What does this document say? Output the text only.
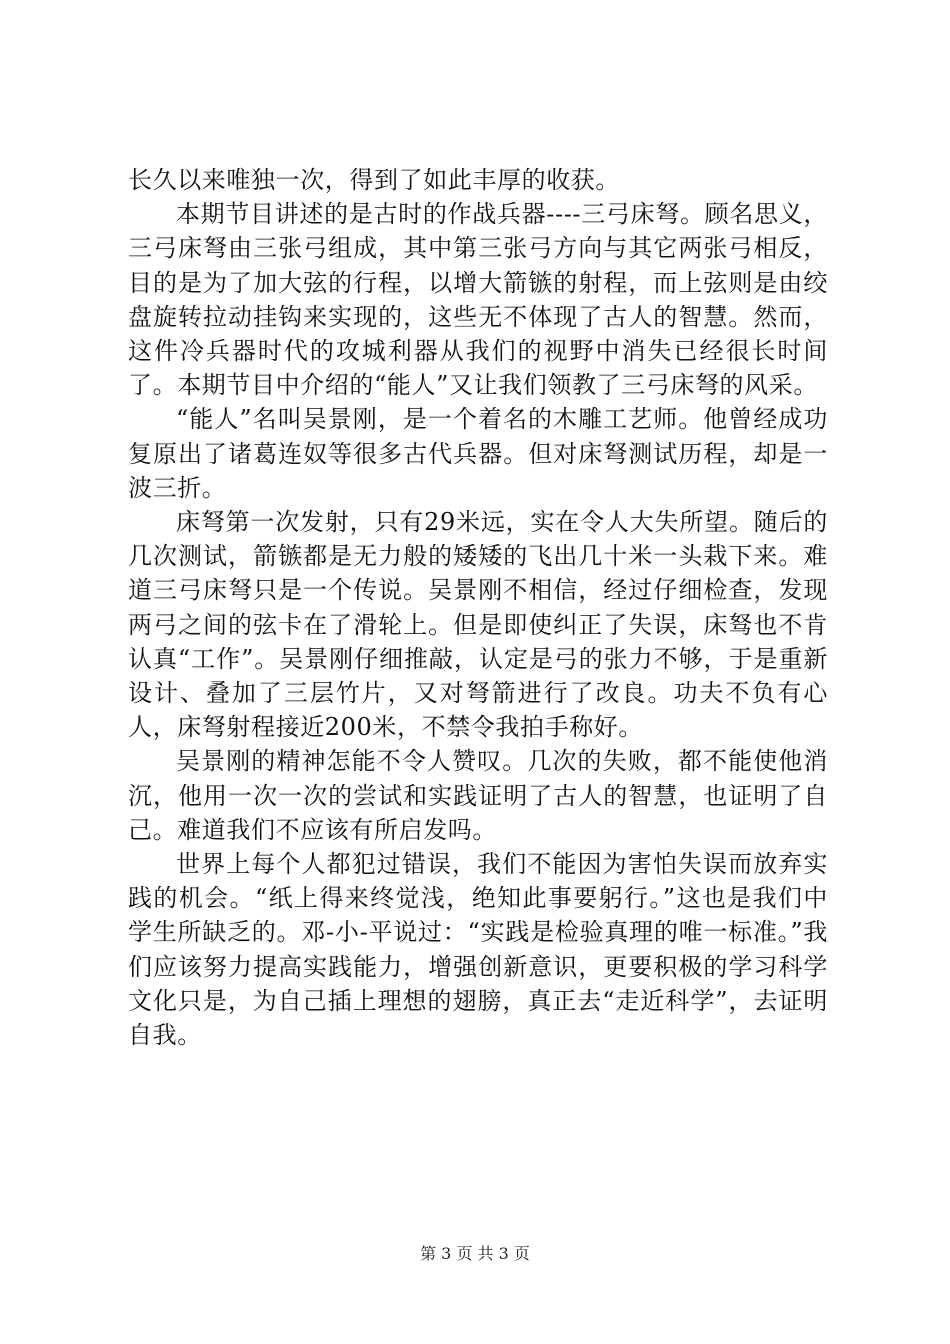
长久以来唯独一次，得到了如此丰厚的收获。

本期节目讲述的是古时的作战兵器----三弓床弩。顾名思义，三弓床弩由三张弓组成，其中第三张弓方向与其它两张弓相反，目的是为了加大弦的行程，以增大箭镞的射程，而上弦则是由绞盘旋转拉动挂钩来实现的，这些无不体现了古人的智慧。然而，这件冷兵器时代的攻城利器从我们的视野中消失已经很长时间了。本期节目中介绍的“能人”又让我们领教了三弓床弩的风采。

“能人”名叫吴景刚，是一个着名的木雕工艺师。他曾经成功复原出了诸葛连奴等很多古代兵器。但对床弩测试历程，却是一波三折。

床弩第一次发射，只有29米远，实在令人大失所望。随后的几次测试，箭镞都是无力般的矮矮的飞出几十米一头栽下来。难道三弓床弩只是一个传说。吴景刚不相信，经过仔细检查，发现两弓之间的弦卡在了滑轮上。但是即使纠正了失误，床驽也不肯认真“工作”。吴景刚仔细推敲，认定是弓的张力不够，于是重新设计、叠加了三层竹片，又对弩箭进行了改良。功夫不负有心人，床弩射程接近200米，不禁令我拍手称好。

吴景刚的精神怎能不令人赞叹。几次的失败，都不能使他消沉，他用一次一次的尝试和实践证明了古人的智慧，也证明了自己。难道我们不应该有所启发吗。

世界上每个人都犯过错误，我们不能因为害怕失误而放弃实践的机会。“纸上得来终觉浅，绝知此事要躬行。”这也是我们中学生所缺乏的。邓-小-平说过：“实践是检验真理的唯一标准。”我们应该努力提高实践能力，增强创新意识，更要积极的学习科学文化只是，为自己插上理想的翅膀，真正去“走近科学”，去证明自我。

第 3 页 共 3 页
